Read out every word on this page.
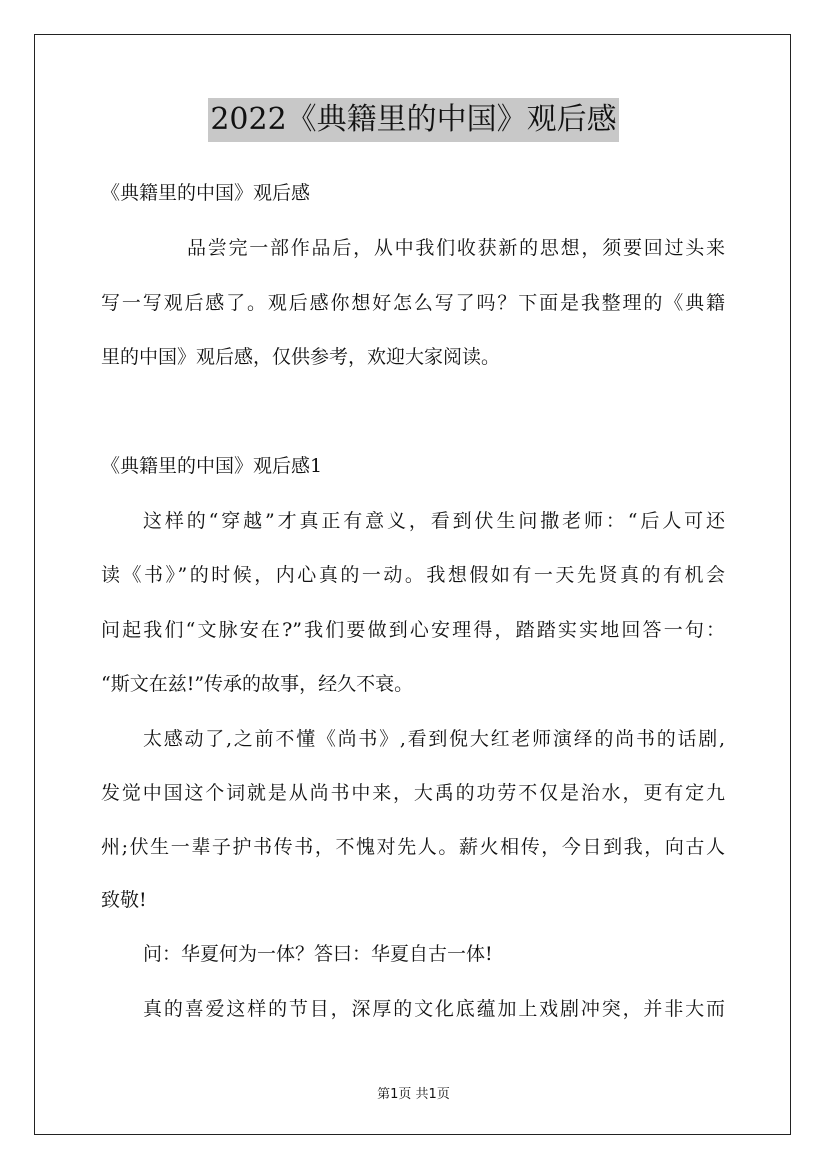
2022《典籍里的中国》观后感
《典籍里的中国》观后感
品尝完一部作品后，从中我们收获新的思想，须要回过头来
写一写观后感了。观后感你想好怎么写了吗？下面是我整理的《典籍
里的中国》观后感，仅供参考，欢迎大家阅读。
《典籍里的中国》观后感1
这样的“穿越”才真正有意义，看到伏生问撒老师：“后人可还
读《书》”的时候，内心真的一动。我想假如有一天先贤真的有机会
问起我们“文脉安在?”我们要做到心安理得，踏踏实实地回答一句：
“斯文在兹!”传承的故事，经久不衰。
太感动了,之前不懂《尚书》,看到倪大红老师演绎的尚书的话剧,
发觉中国这个词就是从尚书中来，大禹的功劳不仅是治水，更有定九
州;伏生一辈子护书传书，不愧对先人。薪火相传，今日到我，向古人
致敬!
问：华夏何为一体？答曰：华夏自古一体!
真的喜爱这样的节目，深厚的文化底蕴加上戏剧冲突，并非大而
第1页 共1页
